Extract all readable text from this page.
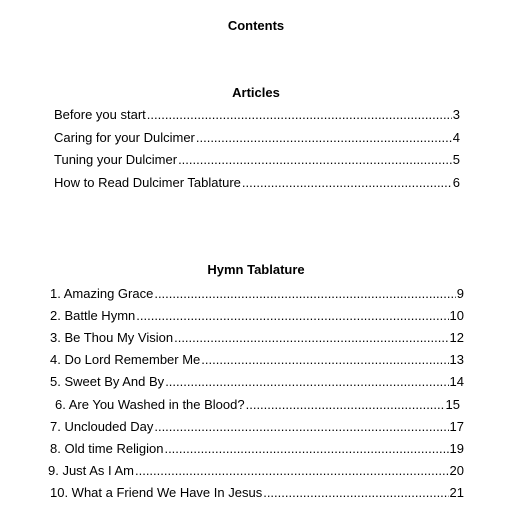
Contents
Articles
Before you start .....	3
Caring for your Dulcimer .....	4
Tuning your Dulcimer .....	5
How to Read Dulcimer Tablature .....	6
Hymn Tablature
1. Amazing Grace .....	9
2. Battle Hymn .....	10
3. Be Thou My Vision .....	12
4. Do Lord Remember Me .....	13
5. Sweet By And By .....	14
6. Are You Washed in the Blood? .....	15
7. Unclouded Day .....	17
8. Old time Religion .....	19
9. Just As I Am .....	20
10. What a Friend We Have In Jesus .....	21
